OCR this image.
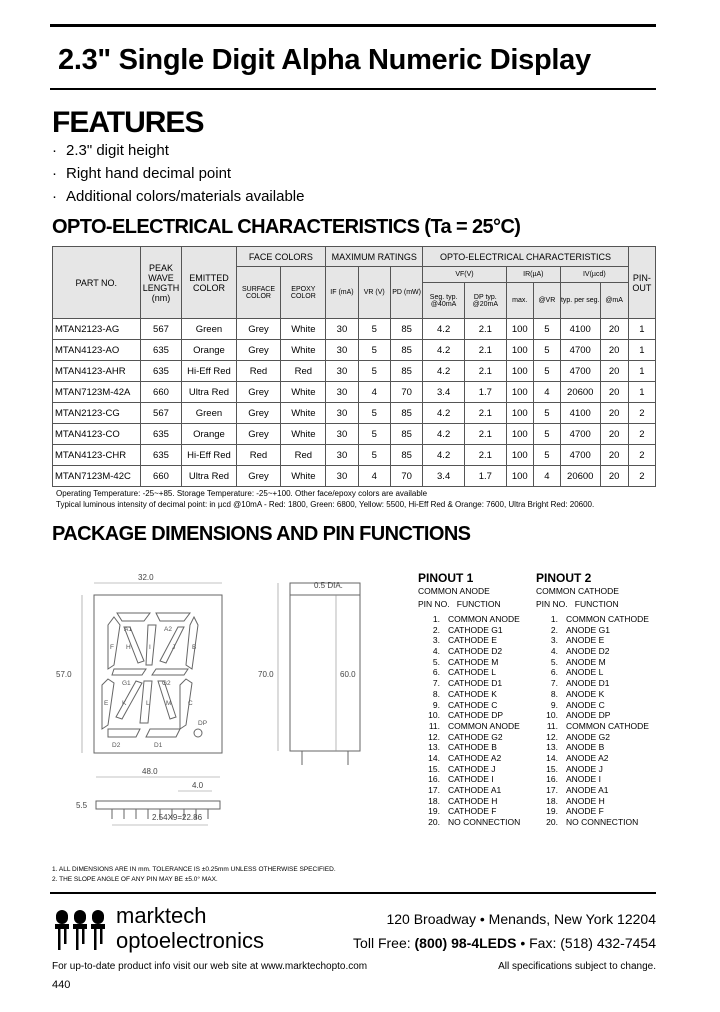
2.3" Single Digit Alpha Numeric Display
FEATURES
· 2.3" digit height
· Right hand decimal point
· Additional colors/materials available
OPTO-ELECTRICAL CHARACTERISTICS (Ta = 25°C)
PART NO.	PEAK WAVE LENGTH (nm)	EMITTED COLOR	FACE COLORS		MAXIMUM RATINGS			OPTO-ELECTRICAL CHARACTERISTICS						PIN-OUT
			SURFACE COLOR	EPOXY COLOR	IF (mA)	VR (V)	PD (mW)	VF(V)		IR(µA)		IV(µcd)		
								Seg. typ. @40mA	DP typ. @20mA	max.	@VR	typ. per seg.	@mA	
MTAN2123-AG	567	Green	Grey	White	30	5	85	4.2	2.1	100	5	4100	20	1
MTAN4123-AO	635	Orange	Grey	White	30	5	85	4.2	2.1	100	5	4700	20	1
MTAN4123-AHR	635	Hi-Eff Red	Red	Red	30	5	85	4.2	2.1	100	5	4700	20	1
MTAN7123M-42A	660	Ultra Red	Grey	White	30	4	70	3.4	1.7	100	4	20600	20	1
MTAN2123-CG	567	Green	Grey	White	30	5	85	4.2	2.1	100	5	4100	20	2
MTAN4123-CO	635	Orange	Grey	White	30	5	85	4.2	2.1	100	5	4700	20	2
MTAN4123-CHR	635	Hi-Eff Red	Red	Red	30	5	85	4.2	2.1	100	5	4700	20	2
MTAN7123M-42C	660	Ultra Red	Grey	White	30	4	70	3.4	1.7	100	4	20600	20	2
Operating Temperature: -25~+85. Storage Temperature: -25~+100. Other face/epoxy colors are available
Typical luminous intensity of decimal point: in µcd @10mA - Red: 1800, Green: 6800, Yellow: 5500, Hi-Eff Red & Orange: 7600, Ultra Bright Red: 20600.
PACKAGE DIMENSIONS AND PIN FUNCTIONS
32.0
0.5 DIA.
70.0	60.0
57.0
48.0
4.0
2.54X9=22.86
5.5
A1	A2
F H	I	J	B
G1	G2
E K	L	M	C
D2	D1
DP
PINOUT 1
COMMON ANODE
PIN NO. FUNCTION
1. COMMON ANODE
2. CATHODE G1
3. CATHODE E
4. CATHODE D2
5. CATHODE M
6. CATHODE L
7. CATHODE D1
8. CATHODE K
9. CATHODE C
10. CATHODE DP
11. COMMON ANODE
12. CATHODE G2
13. CATHODE B
14. CATHODE A2
15. CATHODE J
16. CATHODE I
17. CATHODE A1
18. CATHODE H
19. CATHODE F
20. NO CONNECTION
PINOUT 2
COMMON CATHODE
PIN NO. FUNCTION
1. COMMON CATHODE
2. ANODE G1
3. ANODE E
4. ANODE D2
5. ANODE M
6. ANODE L
7. ANODE D1
8. ANODE K
9. ANODE C
10. ANODE DP
11. COMMON CATHODE
12. ANODE G2
13. ANODE B
14. ANODE A2
15. ANODE J
16. ANODE I
17. ANODE A1
18. ANODE H
19. ANODE F
20. NO CONNECTION
1. ALL DIMENSIONS ARE IN mm. TOLERANCE IS ±0.25mm UNLESS OTHERWISE SPECIFIED.
2. THE SLOPE ANGLE OF ANY PIN MAY BE ±5.0° MAX.
marktech
optoelectronics
120 Broadway • Menands, New York 12204
Toll Free: (800) 98-4LEDS • Fax: (518) 432-7454
For up-to-date product info visit our web site at www.marktechopto.com	All specifications subject to change.
440
